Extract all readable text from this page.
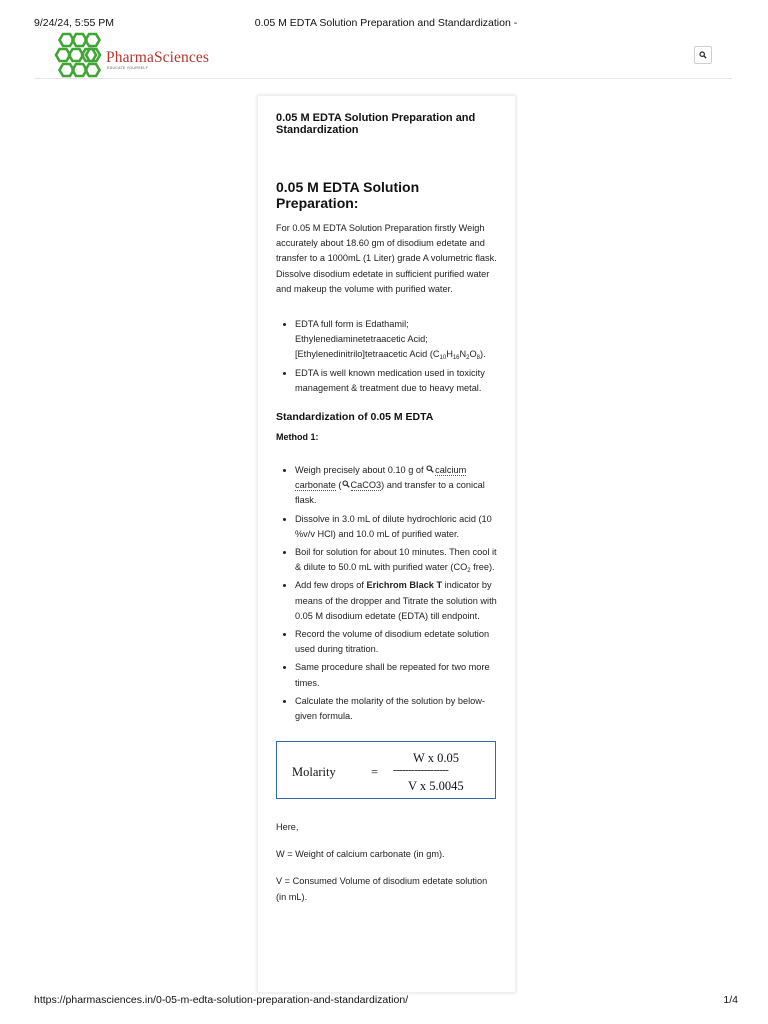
9/24/24, 5:55 PM	0.05 M EDTA Solution Preparation and Standardization -
PharmaSciences
EDUCATE YOURSELF
0.05 M EDTA Solution Preparation and Standardization
0.05 M EDTA Solution Preparation:

For 0.05 M EDTA Solution Preparation firstly Weigh accurately about 18.60 gm of disodium edetate and transfer to a 1000mL (1 Liter) grade A volumetric flask. Dissolve disodium edetate in sufficient purified water and makeup the volume with purified water.

• EDTA full form is Edathamil; Ethylenediaminetetraacetic Acid; [Ethylenedinitrilo]tetraacetic Acid $(C_{10}H_{16}N_2O_8)$.
• EDTA is well known medication used in toxicity management & treatment due to heavy metal.
Standardization of 0.05 M EDTA

Method 1:

• Weigh precisely about 0.10 g of calcium carbonate ( CaCO3) and transfer to a conical flask.
• Dissolve in 3.0 mL of dilute hydrochloric acid (10 %v/v HCl) and 10.0 mL of purified water.
• Boil for solution for about 10 minutes. Then cool it & dilute to 50.0 mL with purified water ($CO_2$ free).
• Add few drops of Erichrom Black T indicator by means of the dropper and Titrate the solution with 0.05 M disodium edetate (EDTA) till endpoint.
• Record the volume of disodium edetate solution used during titration.
• Same procedure shall be repeated for two more times.
• Calculate the molarity of the solution by below-given formula.
Molarity	=
W x 0.05
------------------
V x 5.0045

Here,

W = Weight of calcium carbonate (in gm).

V = Consumed Volume of disodium edetate solution (in mL).

https://pharmasciences.in/0-05-m-edta-solution-preparation-and-standardization/	1/4
